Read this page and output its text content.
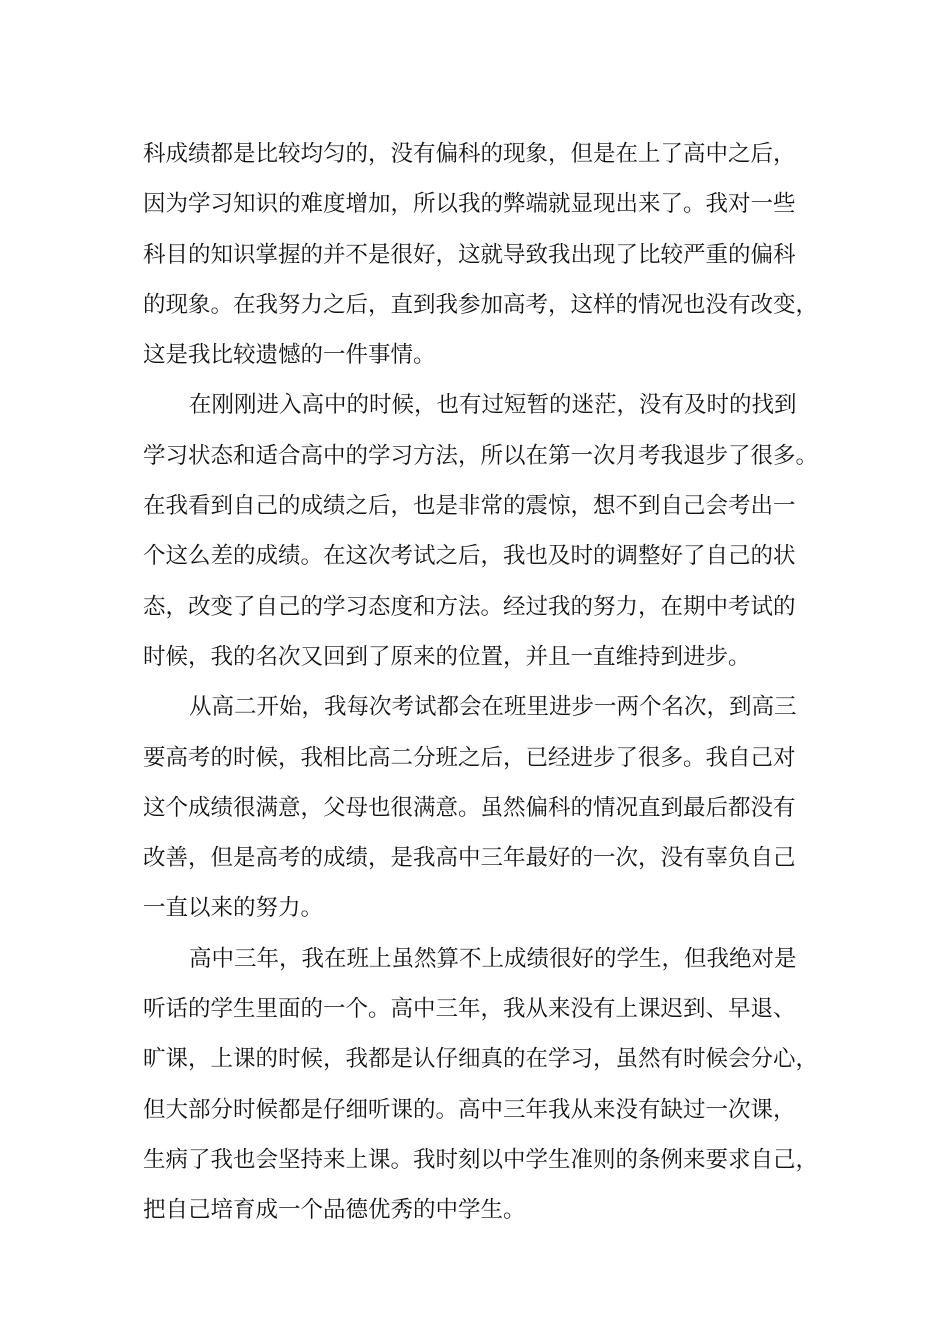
科成绩都是比较均匀的，没有偏科的现象，但是在上了高中之后，
因为学习知识的难度增加，所以我的弊端就显现出来了。我对一些
科目的知识掌握的并不是很好，这就导致我出现了比较严重的偏科
的现象。在我努力之后，直到我参加高考，这样的情况也没有改变，
这是我比较遗憾的一件事情。
在刚刚进入高中的时候，也有过短暂的迷茫，没有及时的找到
学习状态和适合高中的学习方法，所以在第一次月考我退步了很多。
在我看到自己的成绩之后，也是非常的震惊，想不到自己会考出一
个这么差的成绩。在这次考试之后，我也及时的调整好了自己的状
态，改变了自己的学习态度和方法。经过我的努力，在期中考试的
时候，我的名次又回到了原来的位置，并且一直维持到进步。
从高二开始，我每次考试都会在班里进步一两个名次，到高三
要高考的时候，我相比高二分班之后，已经进步了很多。我自己对
这个成绩很满意，父母也很满意。虽然偏科的情况直到最后都没有
改善，但是高考的成绩，是我高中三年最好的一次，没有辜负自己
一直以来的努力。
高中三年，我在班上虽然算不上成绩很好的学生，但我绝对是
听话的学生里面的一个。高中三年，我从来没有上课迟到、早退、
旷课，上课的时候，我都是认仔细真的在学习，虽然有时候会分心，
但大部分时候都是仔细听课的。高中三年我从来没有缺过一次课，
生病了我也会坚持来上课。我时刻以中学生准则的条例来要求自己，
把自己培育成一个品德优秀的中学生。
